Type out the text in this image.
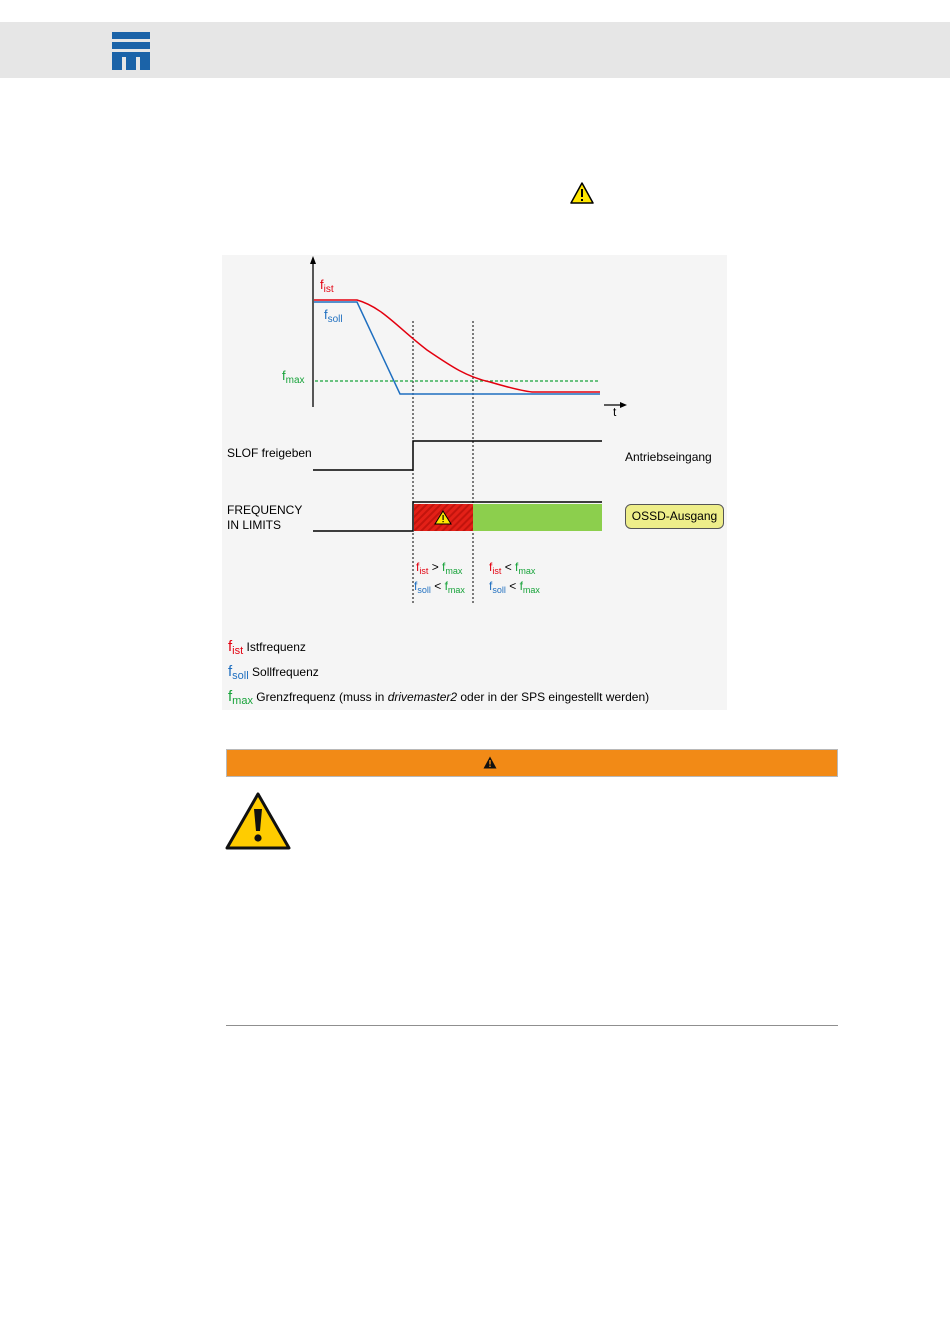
$f_{ist}$
$f_{soll}$
$f_{max}$
t
SLOF freigeben	Antriebseingang
FREQUENCY
IN LIMITS
OSSD-Ausgang
$f_{ist} > f_{max}$
$f_{soll} < f_{max}$
$f_{ist} < f_{max}$
$f_{soll} < f_{max}$
$f_{ist}$ Istfrequenz
$f_{soll}$ Sollfrequenz
$f_{max}$ Grenzfrequenz (muss in drivemaster2 oder in der SPS eingestellt werden)
